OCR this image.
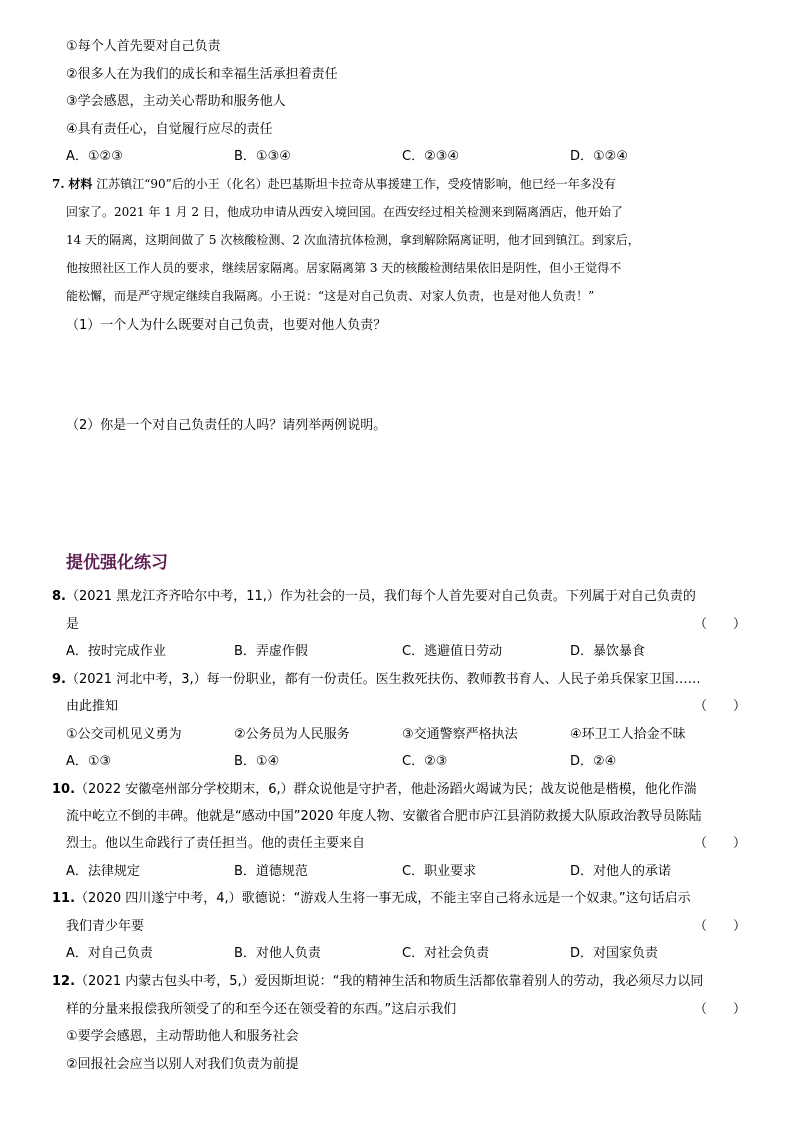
①每个人首先要对自己负责
②很多人在为我们的成长和幸福生活承担着责任
③学会感恩，主动关心帮助和服务他人
④具有责任心，自觉履行应尽的责任
A．①②③	B．①③④	C．②③④	D．①②④
7. 材料 江苏镇江“90”后的小王（化名）赴巴基斯坦卡拉奇从事援建工作，受疫情影响，他已经一年多没有
回家了。2021 年 1 月 2 日，他成功申请从西安入境回国。在西安经过相关检测来到隔离酒店，他开始了
14 天的隔离，这期间做了 5 次核酸检测、2 次血清抗体检测，拿到解除隔离证明，他才回到镇江。到家后，
他按照社区工作人员的要求，继续居家隔离。居家隔离第 3 天的核酸检测结果依旧是阴性，但小王觉得不
能松懈，而是严守规定继续自我隔离。小王说：“这是对自己负责、对家人负责，也是对他人负责！”
（1）一个人为什么既要对自己负责，也要对他人负责？
（2）你是一个对自己负责任的人吗？请列举两例说明。
提优强化练习
8.（2021 黑龙江齐齐哈尔中考，11,）作为社会的一员，我们每个人首先要对自己负责。下列属于对自己负责的
是	（　　）
A．按时完成作业	B．弄虚作假	C．逃避值日劳动	D．暴饮暴食
9.（2021 河北中考，3,）每一份职业，都有一份责任。医生救死扶伤、教师教书育人、人民子弟兵保家卫国……
由此推知	（　　）
①公交司机见义勇为	②公务员为人民服务	③交通警察严格执法	④环卫工人拾金不昧
A．①③	B．①④	C．②③	D．②④
10.（2022 安徽亳州部分学校期末，6,）群众说他是守护者，他赴汤蹈火竭诚为民；战友说他是楷模，他化作湍
流中屹立不倒的丰碑。他就是“感动中国”2020 年度人物、安徽省合肥市庐江县消防救援大队原政治教导员陈陆
烈士。他以生命践行了责任担当。他的责任主要来自	（　　）
A．法律规定	B．道德规范	C．职业要求	D．对他人的承诺
11.（2020 四川遂宁中考，4,）歌德说：“游戏人生将一事无成，不能主宰自己将永远是一个奴隶。”这句话启示
我们青少年要	（　　）
A．对自己负责	B．对他人负责	C．对社会负责	D．对国家负责
12.（2021 内蒙古包头中考，5,）爱因斯坦说：“我的精神生活和物质生活都依靠着别人的劳动，我必须尽力以同
样的分量来报偿我所领受了的和至今还在领受着的东西。”这启示我们	（　　）
①要学会感恩，主动帮助他人和服务社会
②回报社会应当以别人对我们负责为前提
